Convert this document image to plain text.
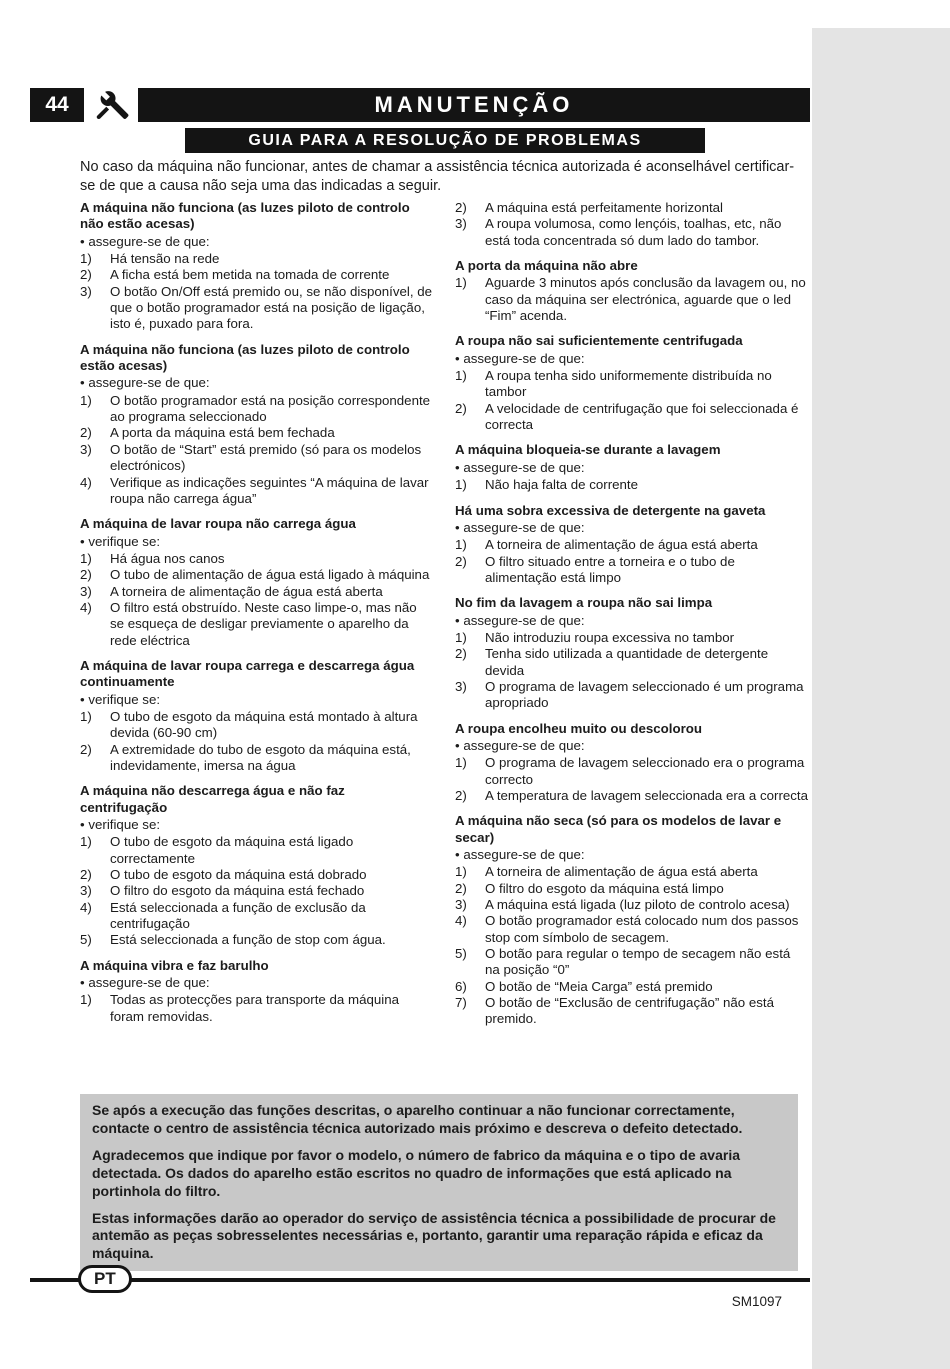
44	MANUTENÇÃO
GUIA PARA A RESOLUÇÃO DE PROBLEMAS

No caso da máquina não funcionar, antes de chamar a assistência técnica autorizada é aconselhável certificar-se de que a causa não seja uma das indicadas a seguir.

A máquina não funciona (as luzes piloto de controlo não estão acesas)
• assegure-se de que:
1)	Há tensão na rede
2)	A ficha está bem metida na tomada de corrente
3)	O botão On/Off está premido ou, se não disponível, de que o botão programador está na posição de ligação, isto é, puxado para fora.
A máquina não funciona (as luzes piloto de controlo estão acesas)
• assegure-se de que:
1)	O botão programador está na posição correspondente ao programa seleccionado
2)	A porta da máquina está bem fechada
3)	O botão de “Start” está premido (só para os modelos electrónicos)
4)	Verifique as indicações seguintes “A máquina de lavar roupa não carrega água”
A máquina de lavar roupa não carrega água
• verifique se:
1)	Há água nos canos
2)	O tubo de alimentação de água está ligado à máquina
3)	A torneira de alimentação de água está aberta
4)	O filtro está obstruído. Neste caso limpe-o, mas não se esqueça de desligar previamente o aparelho da rede eléctrica
A máquina de lavar roupa carrega e descarrega água continuamente
• verifique se:
1)	O tubo de esgoto da máquina está montado à altura devida (60-90 cm)
2)	A extremidade do tubo de esgoto da máquina está, indevidamente, imersa na água
A máquina não descarrega água e não faz centrifugação
• verifique se:
1)	O tubo de esgoto da máquina está ligado correctamente
2)	O tubo de esgoto da máquina está dobrado
3)	O filtro do esgoto da máquina está fechado
4)	Está seleccionada a função de exclusão da centrifugação
5)	Está seleccionada a função de stop com água.
A máquina vibra e faz barulho
• assegure-se de que:
1)	Todas as protecções para transporte da máquina foram removidas.
2)	A máquina está perfeitamente horizontal
3)	A roupa volumosa, como lençóis, toalhas, etc, não está toda concentrada só dum lado do tambor.
A porta da máquina não abre
1)	Aguarde 3 minutos após conclusão da lavagem ou, no caso da máquina ser electrónica, aguarde que o led “Fim” acenda.
A roupa não sai suficientemente centrifugada
• assegure-se de que:
1)	A roupa tenha sido uniformemente distribuída no tambor
2)	A velocidade de centrifugação que foi seleccionada é correcta
A máquina bloqueia-se durante a lavagem
• assegure-se de que:
1)	Não haja falta de corrente
Há uma sobra excessiva de detergente na gaveta
• assegure-se de que:
1)	A torneira de alimentação de água está aberta
2)	O filtro situado entre a torneira e o tubo de alimentação está limpo
No fim da lavagem a roupa não sai limpa
• assegure-se de que:
1)	Não introduziu roupa excessiva no tambor
2)	Tenha sido utilizada a quantidade de detergente devida
3)	O programa de lavagem seleccionado é um programa apropriado
A roupa encolheu muito ou descolorou
• assegure-se de que:
1)	O programa de lavagem seleccionado era o programa correcto
2)	A temperatura de lavagem seleccionada era a correcta
A máquina não seca (só para os modelos de lavar e secar)
• assegure-se de que:
1)	A torneira de alimentação de água está aberta
2)	O filtro do esgoto da máquina está limpo
3)	A máquina está ligada (luz piloto de controlo acesa)
4)	O botão programador está colocado num dos passos stop com símbolo de secagem.
5)	O botão para regular o tempo de secagem não está na posição “0”
6)	O botão de “Meia Carga” está premido
7)	O botão de “Exclusão de centrifugação” não está premido.

Se após a execução das funções descritas, o aparelho continuar a não funcionar correctamente, contacte o centro de assistência técnica autorizado mais próximo e descreva o defeito detectado.

Agradecemos que indique por favor o modelo, o número de fabrico da máquina e o tipo de avaria detectada. Os dados do aparelho estão escritos no quadro de informações que está aplicado na portinhola do filtro.

Estas informações darão ao operador do serviço de assistência técnica a possibilidade de procurar de antemão as peças sobresselentes necessárias e, portanto, garantir uma reparação rápida e eficaz da máquina.

PT
SM1097
